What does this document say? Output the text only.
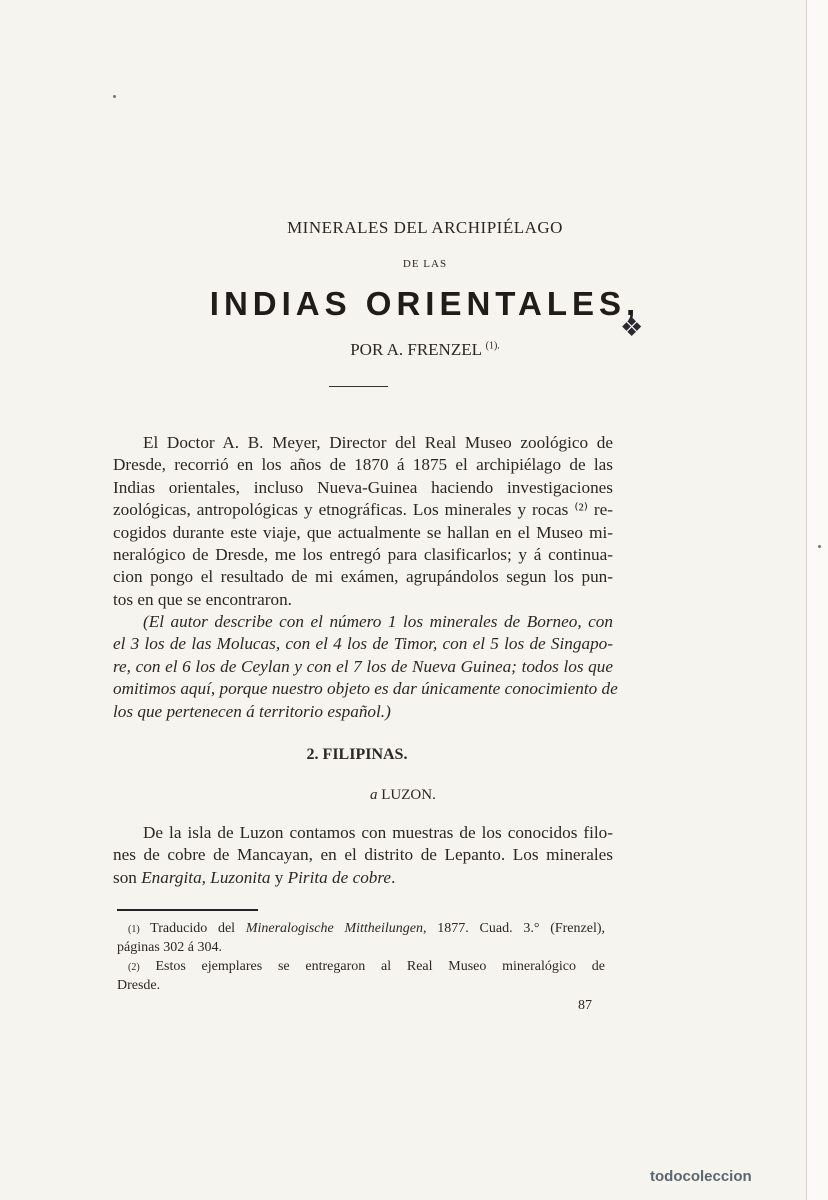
MINERALES DEL ARCHIPIÉLAGO
DE LAS
INDIAS ORIENTALES,
POR A. FRENZEL $^{(1).}$
❖
El Doctor A. B. Meyer, Director del Real Museo zoológico de
Dresde, recorrió en los años de 1870 á 1875 el archipiélago de las
Indias orientales, incluso Nueva-Guinea haciendo investigaciones
zoológicas, antropológicas y etnográficas. Los minerales y rocas ⁽²⁾ re-
cogidos durante este viaje, que actualmente se hallan en el Museo mi-
neralógico de Dresde, me los entregó para clasificarlos; y á continua-
cion pongo el resultado de mi exámen, agrupándolos segun los pun-
tos en que se encontraron.
(El autor describe con el número 1 los minerales de Borneo, con
el 3 los de las Molucas, con el 4 los de Timor, con el 5 los de Singapo-
re, con el 6 los de Ceylan y con el 7 los de Nueva Guinea; todos los que
omitimos aquí, porque nuestro objeto es dar únicamente conocimiento de
los que pertenecen á territorio español.)
2. FILIPINAS.
a LUZON.
De la isla de Luzon contamos con muestras de los conocidos filo-
nes de cobre de Mancayan, en el distrito de Lepanto. Los minerales
son Enargita, Luzonita y Pirita de cobre.
(1) Traducido del Mineralogische Mittheilungen, 1877. Cuad. 3.° (Frenzel),
páginas 302 á 304.
(2) Estos ejemplares se entregaron al Real Museo mineralógico de
Dresde.
87
todocoleccion
